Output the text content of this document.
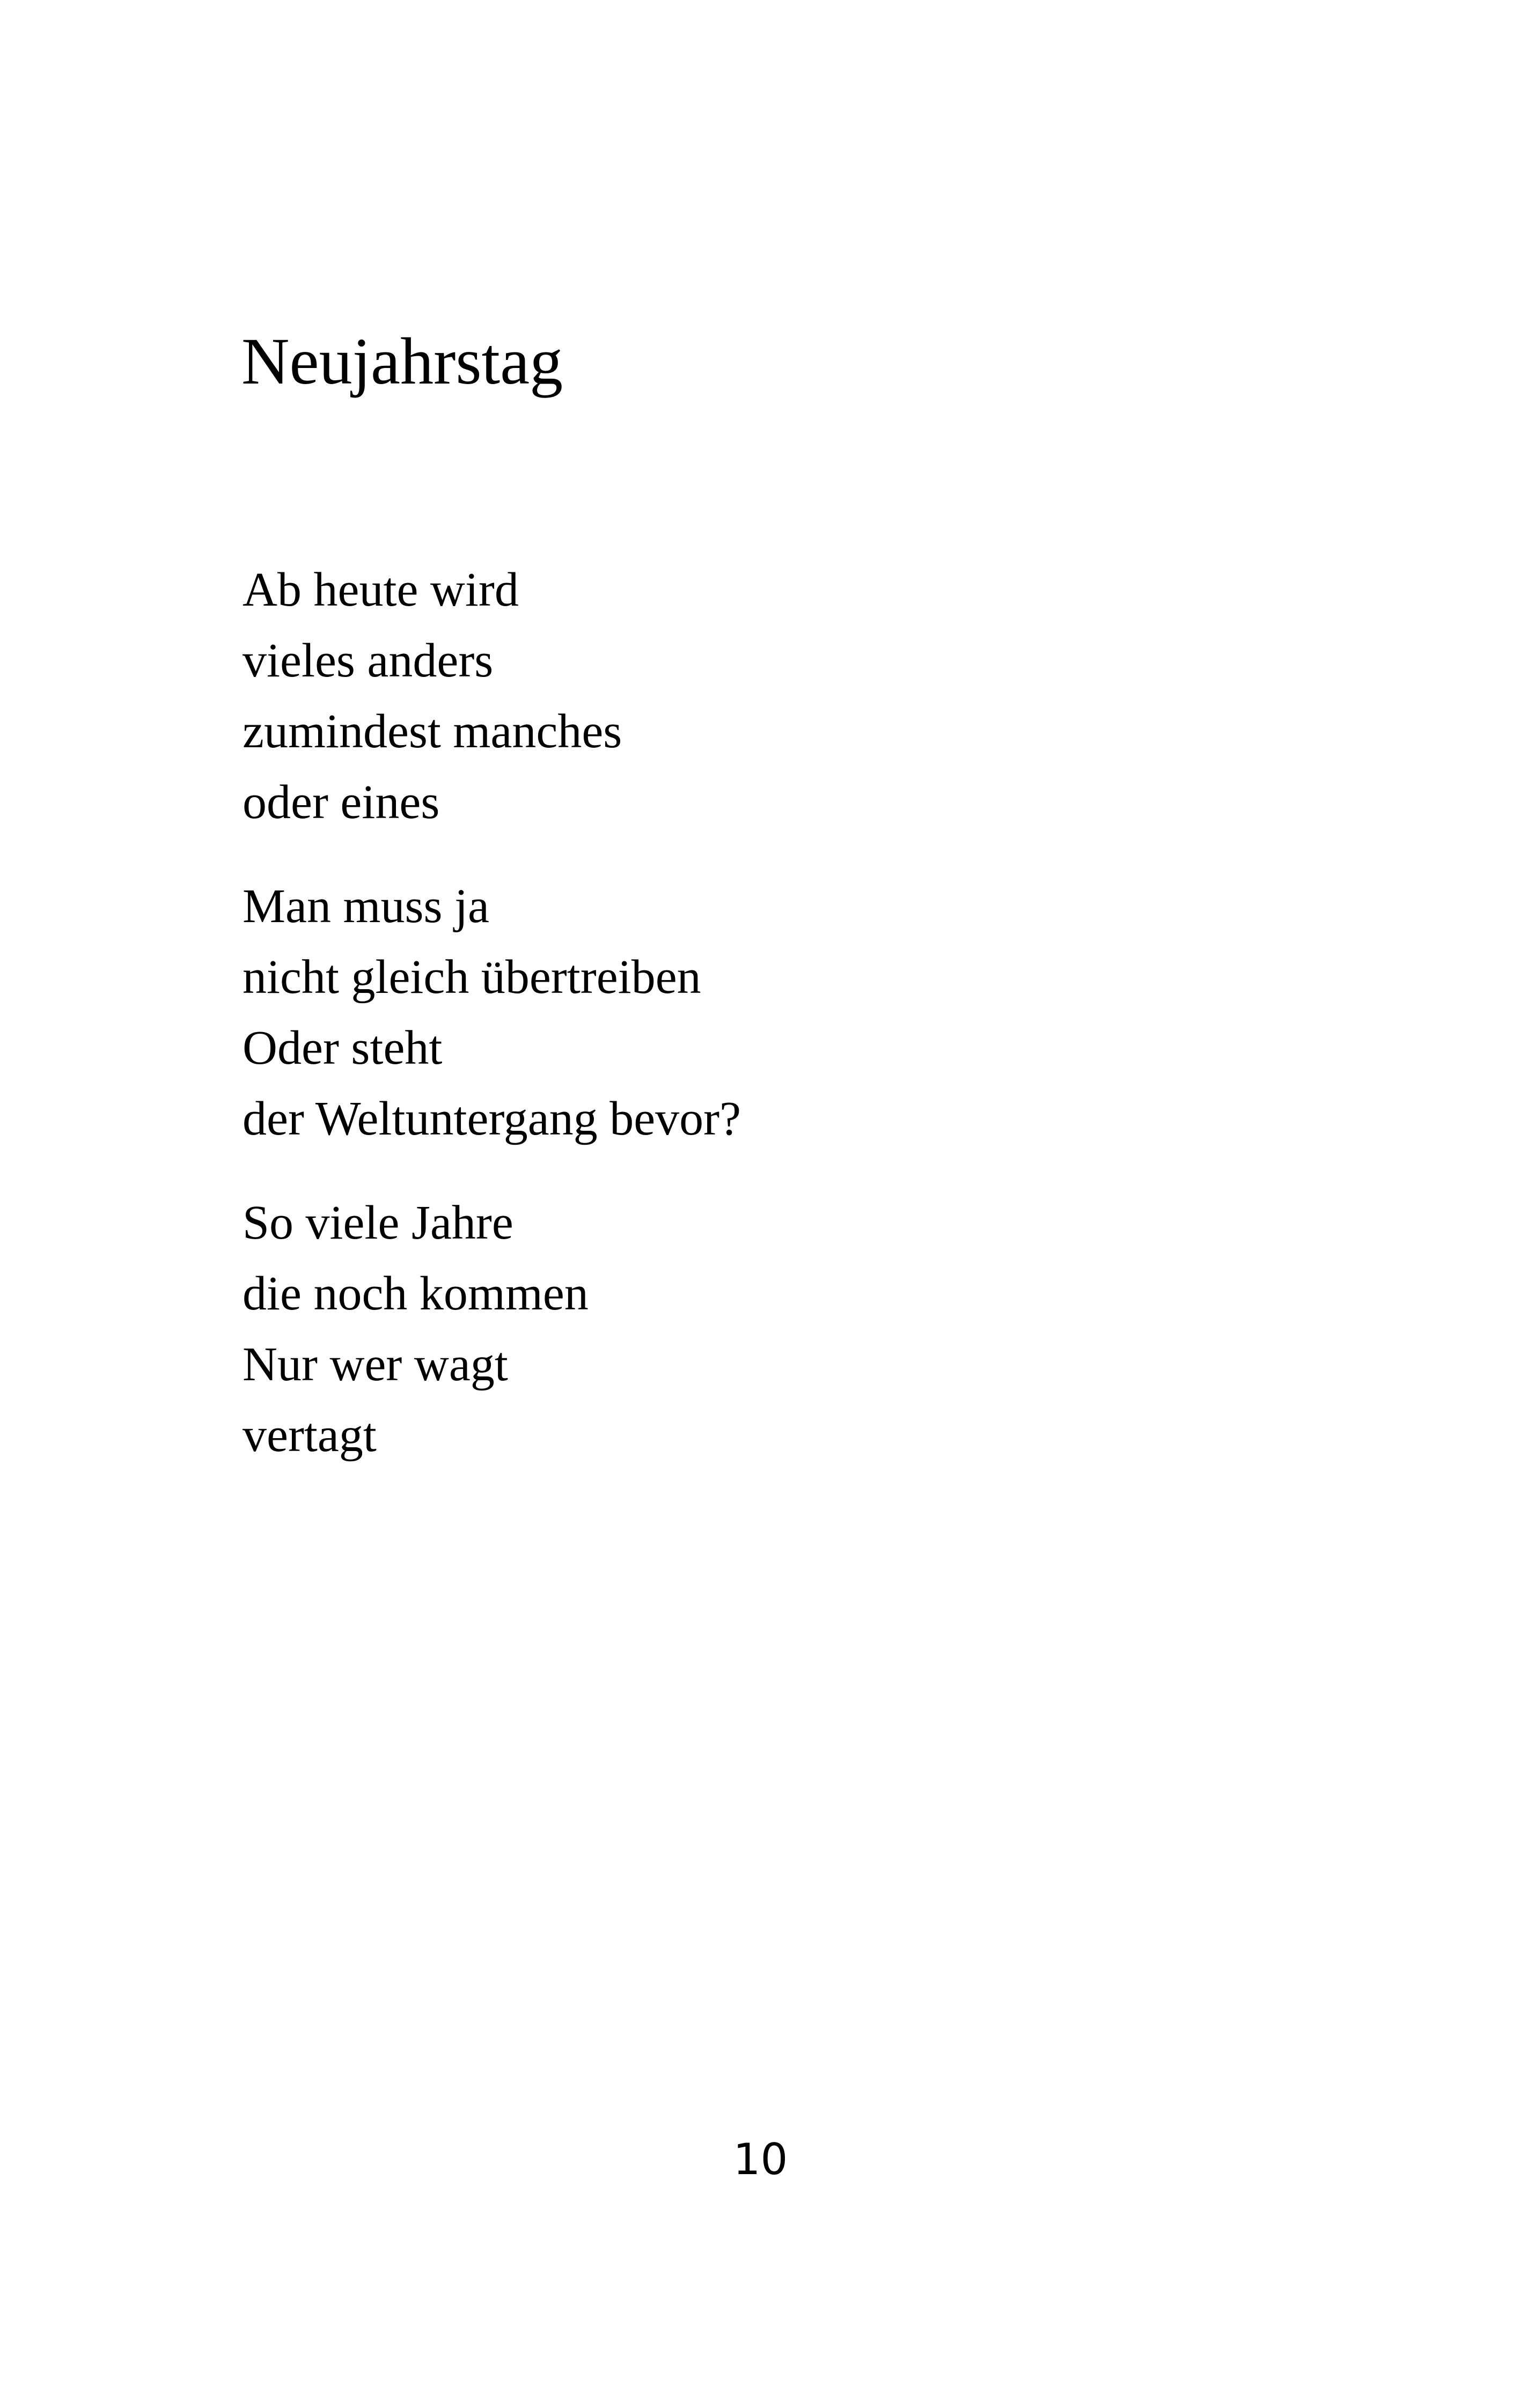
Neujahrstag
Ab heute wird
vieles anders
zumindest manches
oder eines
Man muss ja
nicht gleich übertreiben
Oder steht
der Weltuntergang bevor?
So viele Jahre
die noch kommen
Nur wer wagt
vertagt
10
